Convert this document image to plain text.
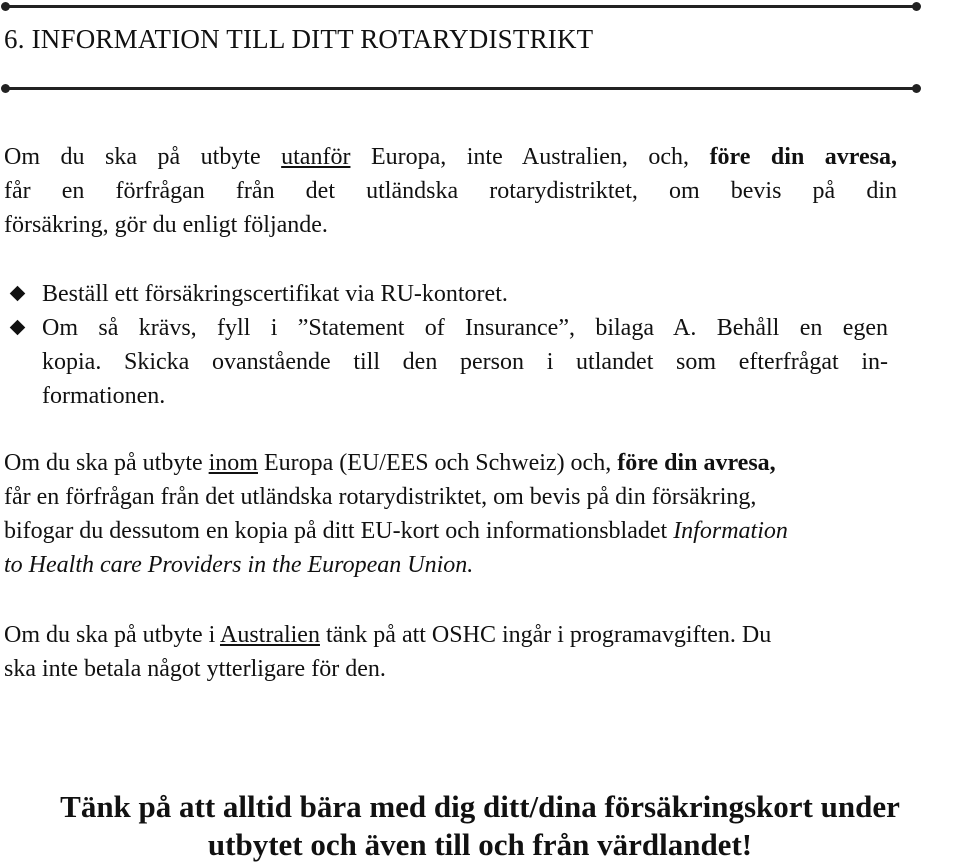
6. INFORMATION TILL DITT ROTARYDISTRIKT
Om du ska på utbyte utanför Europa, inte Australien, och, före din avresa,
får en förfrågan från det utländska rotarydistriktet, om bevis på din
försäkring, gör du enligt följande.
Beställ ett försäkringscertifikat via RU-kontoret.
Om så krävs, fyll i ”Statement of Insurance”, bilaga A. Behåll en egen
kopia. Skicka ovanstående till den person i utlandet som efterfrågat in-
formationen.
Om du ska på utbyte inom Europa (EU/EES och Schweiz) och, före din avresa,
får en förfrågan från det utländska rotarydistriktet, om bevis på din försäkring,
bifogar du dessutom en kopia på ditt EU-kort och informationsbladet Information
to Health care Providers in the European Union.
Om du ska på utbyte i Australien tänk på att OSHC ingår i programavgiften. Du
ska inte betala något ytterligare för den.
Tänk på att alltid bära med dig ditt/dina försäkringskort under
utbytet och även till och från värdlandet!
